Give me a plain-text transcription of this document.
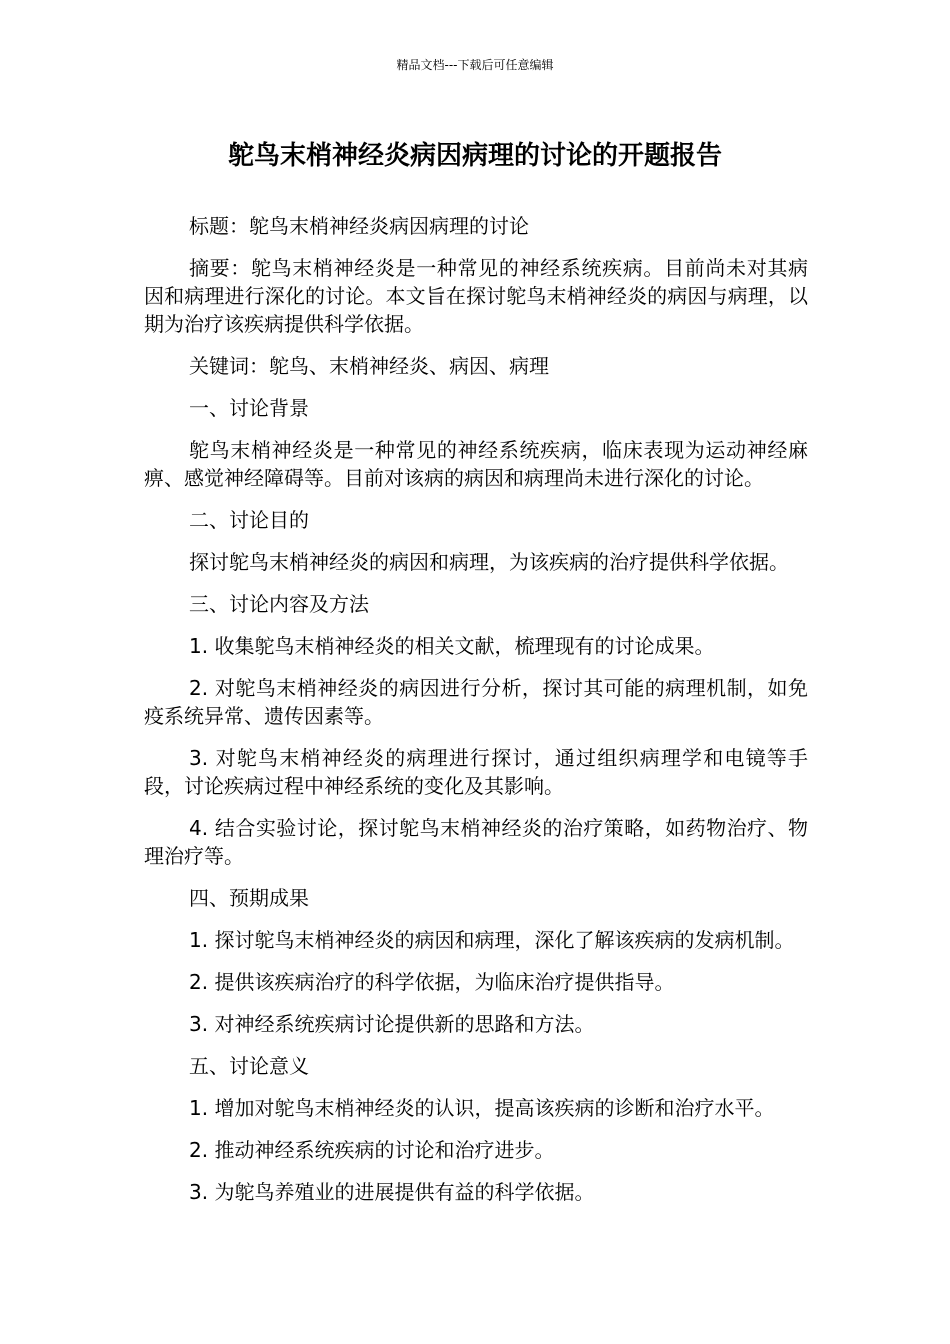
精品文档---下载后可任意编辑
鸵鸟末梢神经炎病因病理的讨论的开题报告

标题：鸵鸟末梢神经炎病因病理的讨论

摘要：鸵鸟末梢神经炎是一种常见的神经系统疾病。目前尚未对其病因和病理进行深化的讨论。本文旨在探讨鸵鸟末梢神经炎的病因与病理，以期为治疗该疾病提供科学依据。

关键词：鸵鸟、末梢神经炎、病因、病理

一、讨论背景

鸵鸟末梢神经炎是一种常见的神经系统疾病，临床表现为运动神经麻痹、感觉神经障碍等。目前对该病的病因和病理尚未进行深化的讨论。

二、讨论目的

探讨鸵鸟末梢神经炎的病因和病理，为该疾病的治疗提供科学依据。

三、讨论内容及方法

1. 收集鸵鸟末梢神经炎的相关文献，梳理现有的讨论成果。

2. 对鸵鸟末梢神经炎的病因进行分析，探讨其可能的病理机制，如免疫系统异常、遗传因素等。

3. 对鸵鸟末梢神经炎的病理进行探讨，通过组织病理学和电镜等手段，讨论疾病过程中神经系统的变化及其影响。

4. 结合实验讨论，探讨鸵鸟末梢神经炎的治疗策略，如药物治疗、物理治疗等。

四、预期成果

1. 探讨鸵鸟末梢神经炎的病因和病理，深化了解该疾病的发病机制。

2. 提供该疾病治疗的科学依据，为临床治疗提供指导。

3. 对神经系统疾病讨论提供新的思路和方法。

五、讨论意义

1. 增加对鸵鸟末梢神经炎的认识，提高该疾病的诊断和治疗水平。

2. 推动神经系统疾病的讨论和治疗进步。

3. 为鸵鸟养殖业的进展提供有益的科学依据。
